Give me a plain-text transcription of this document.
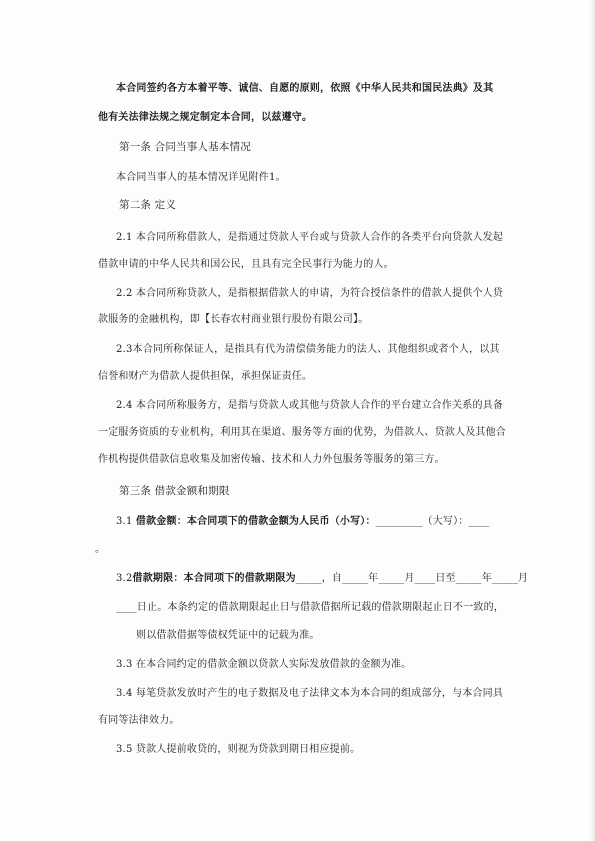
本合同签约各方本着平等、诚信、自愿的原则，依照《中华人民共和国民法典》及其
他有关法律法规之规定制定本合同，以兹遵守。
第一条 合同当事人基本情况
本合同当事人的基本情况详见附件1。
第二条 定义
2.1 本合同所称借款人，是指通过贷款人平台或与贷款人合作的各类平台向贷款人发起
借款申请的中华人民共和国公民，且具有完全民事行为能力的人。
2.2 本合同所称贷款人，是指根据借款人的申请，为符合授信条件的借款人提供个人贷
款服务的金融机构，即【长春农村商业银行股份有限公司】。
2.3本合同所称保证人，是指具有代为清偿债务能力的法人、其他组织或者个人，以其
信誉和财产为借款人提供担保，承担保证责任。
2.4 本合同所称服务方，是指与贷款人或其他与贷款人合作的平台建立合作关系的具备
一定服务资质的专业机构，利用其在渠道、服务等方面的优势，为借款人、贷款人及其他合
作机构提供借款信息收集及加密传输、技术和人力外包服务等服务的第三方。
第三条 借款金额和期限
3.1 借款金额：本合同项下的借款金额为人民币（小写）：_________（大写）：____
。
3.2借款期限：本合同项下的借款期限为_____，自_____年_____月____日至_____年_____月
____日止。本条约定的借款期限起止日与借款借据所记载的借款期限起止日不一致的，
则以借款借据等债权凭证中的记载为准。
3.3 在本合同约定的借款金额以贷款人实际发放借款的金额为准。
3.4 每笔贷款发放时产生的电子数据及电子法律文本为本合同的组成部分，与本合同具
有同等法律效力。
3.5 贷款人提前收贷的，则视为贷款到期日相应提前。
